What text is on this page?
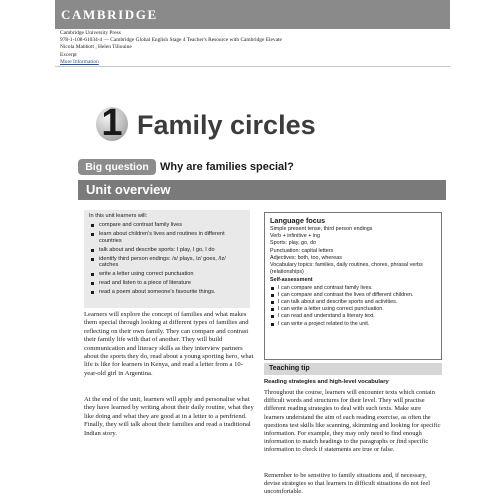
CAMBRIDGE
Cambridge University Press
978-1-108-61034-4 — Cambridge Global English Stage 4 Teacher's Resource with Cambridge Elevate
Nicola Mabbott , Helen Tiliouine
Excerpt
More Information
1 Family circles
Big question	Why are families special?
Unit overview
In this unit learners will:
compare and contrast family lives
learn about children's lives and routines in different countries
talk about and describe sports: I play, I go, I do
identify third person endings: /s/ plays, /z/ goes, /Iz/ catches
write a letter using correct punctuation
read and listen to a piece of literature
read a poem about someone's favourite things.
Learners will explore the concept of families and what makes them special through looking at different types of families and reflecting on their own family. They can compare and contrast their family life with that of another. They will build communication and literacy skills as they interview partners about the sports they do, read about a young sporting hero, what life is like for learners in Kenya, and read a letter from a 10-year-old girl in Argentina.
At the end of the unit, learners will apply and personalise what they have learned by writing about their daily routine, what they like doing and what they are good at in a letter to a penfriend. Finally, they will talk about their families and read a traditional Indian story.
Language focus
Simple present tense, third person endings
Verb + infinitive + ing
Sports: play, go, do
Punctuation: capital letters
Adjectives: both, too, whereas
Vocabulary topics: families, daily routines, chores, phrasal verbs (relationships)
Self-assessment
I can compare and contrast family lives.
I can compare and contrast the lives of different children.
I can talk about and describe sports and activities.
I can write a letter using correct punctuation.
I can read and understand a literary text.
I can write a project related to the unit.
Teaching tip
Reading strategies and high-level vocabulary
Throughout the course, learners will encounter texts which contain difficult words and structures for their level. They will practise different reading strategies to deal with such texts. Make sure learners understand the aim of each reading exercise, as often the questions test skills like scanning, skimming and looking for specific information. For example, they may only need to find enough information to match headings to the paragraphs or find specific information to check if statements are true or false.
Remember to be sensitive to family situations and, if necessary, devise strategies so that learners in difficult situations do not feel uncomfortable.
